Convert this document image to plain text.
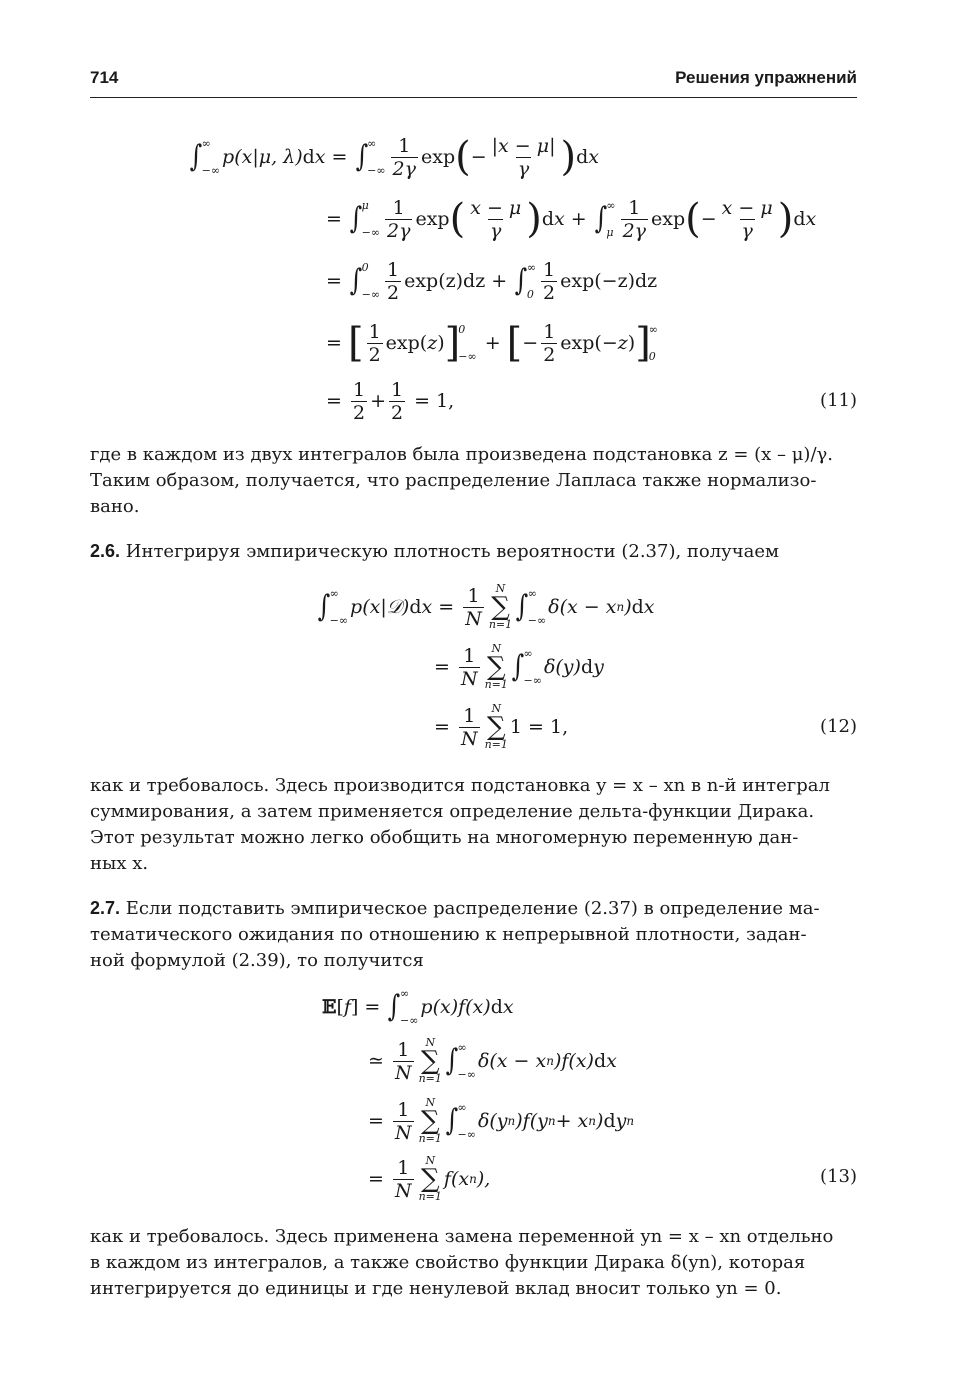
714	Решения упражнений
∫ ∞
−∞
p(x|μ, λ) d x = ∫ ∞
−∞ $\frac{1}{2\gamma}$ exp ( − $\frac{|x - \mu|}{\gamma}$ ) d x
= ∫ μ
−∞ $\frac{1}{2\gamma}$ exp ( $\frac{x - \mu}{\gamma}$ ) d x + ∫ ∞
μ $\frac{1}{2\gamma}$ exp ( − $\frac{x - \mu}{\gamma}$ ) d x
= ∫ 0
−∞ $\frac{1}{2} \exp(z)dz$ + ∫ ∞
$0 \frac{1}{2} \exp(-z)dz$
= [ $\frac{1}{2} \exp$( z ) ]
0
−∞
+ [ − $\frac{1}{2} \exp(- z$ ) ]
∞
0
= $\frac{1}{2} + \frac{1}{2} = 1$,	(11)

где в каждом из двух интегралов была произведена подстановка z = (x – μ)/γ.
Таким образом, получается, что распределение Лапласа также нормализо-
вано.

2.6. Интегрируя эмпирическую плотность вероятности (2.37), получаем

∫ ∞
−∞
p(x|𝒟) d $x = \frac{1}{N}$ N
∑
n=1
∫ ∞
−∞
δ(x − x n ) d x
= $\frac{1}{N}$ N
∑
n=1
∫ ∞
−∞
δ(y) d y
= $\frac{1}{N}$ N
∑
n=1
1 = 1,	(12)

как и требовалось. Здесь производится подстановка y = x – xn в n-й интеграл
суммирования, а затем применяется определение дельта-функции Дирака.
Этот результат можно легко обобщить на многомерную переменную дан-
ных x.

2.7. Если подставить эмпирическое распределение (2.37) в определение ма-
тематического ожидания по отношению к непрерывной плотности, задан-
ной формулой (2.39), то получится

𝔼 [ f ] = ∫ ∞
−∞
p(x)f(x) d x
≃ $\frac{1}{N}$ N
∑
n=1
∫ ∞
−∞
δ(x − x n )f(x) d x
= $\frac{1}{N}$ N
∑
n=1
∫ ∞
−∞
δ(y n )f(y n + x n ) d y n
= $\frac{1}{N}$ N
∑
n=1
f(x n ),	(13)

как и требовалось. Здесь применена замена переменной yn = x – xn отдельно
в каждом из интегралов, а также свойство функции Дирака δ(yn), которая
интегрируется до единицы и где ненулевой вклад вносит только yn = 0.
